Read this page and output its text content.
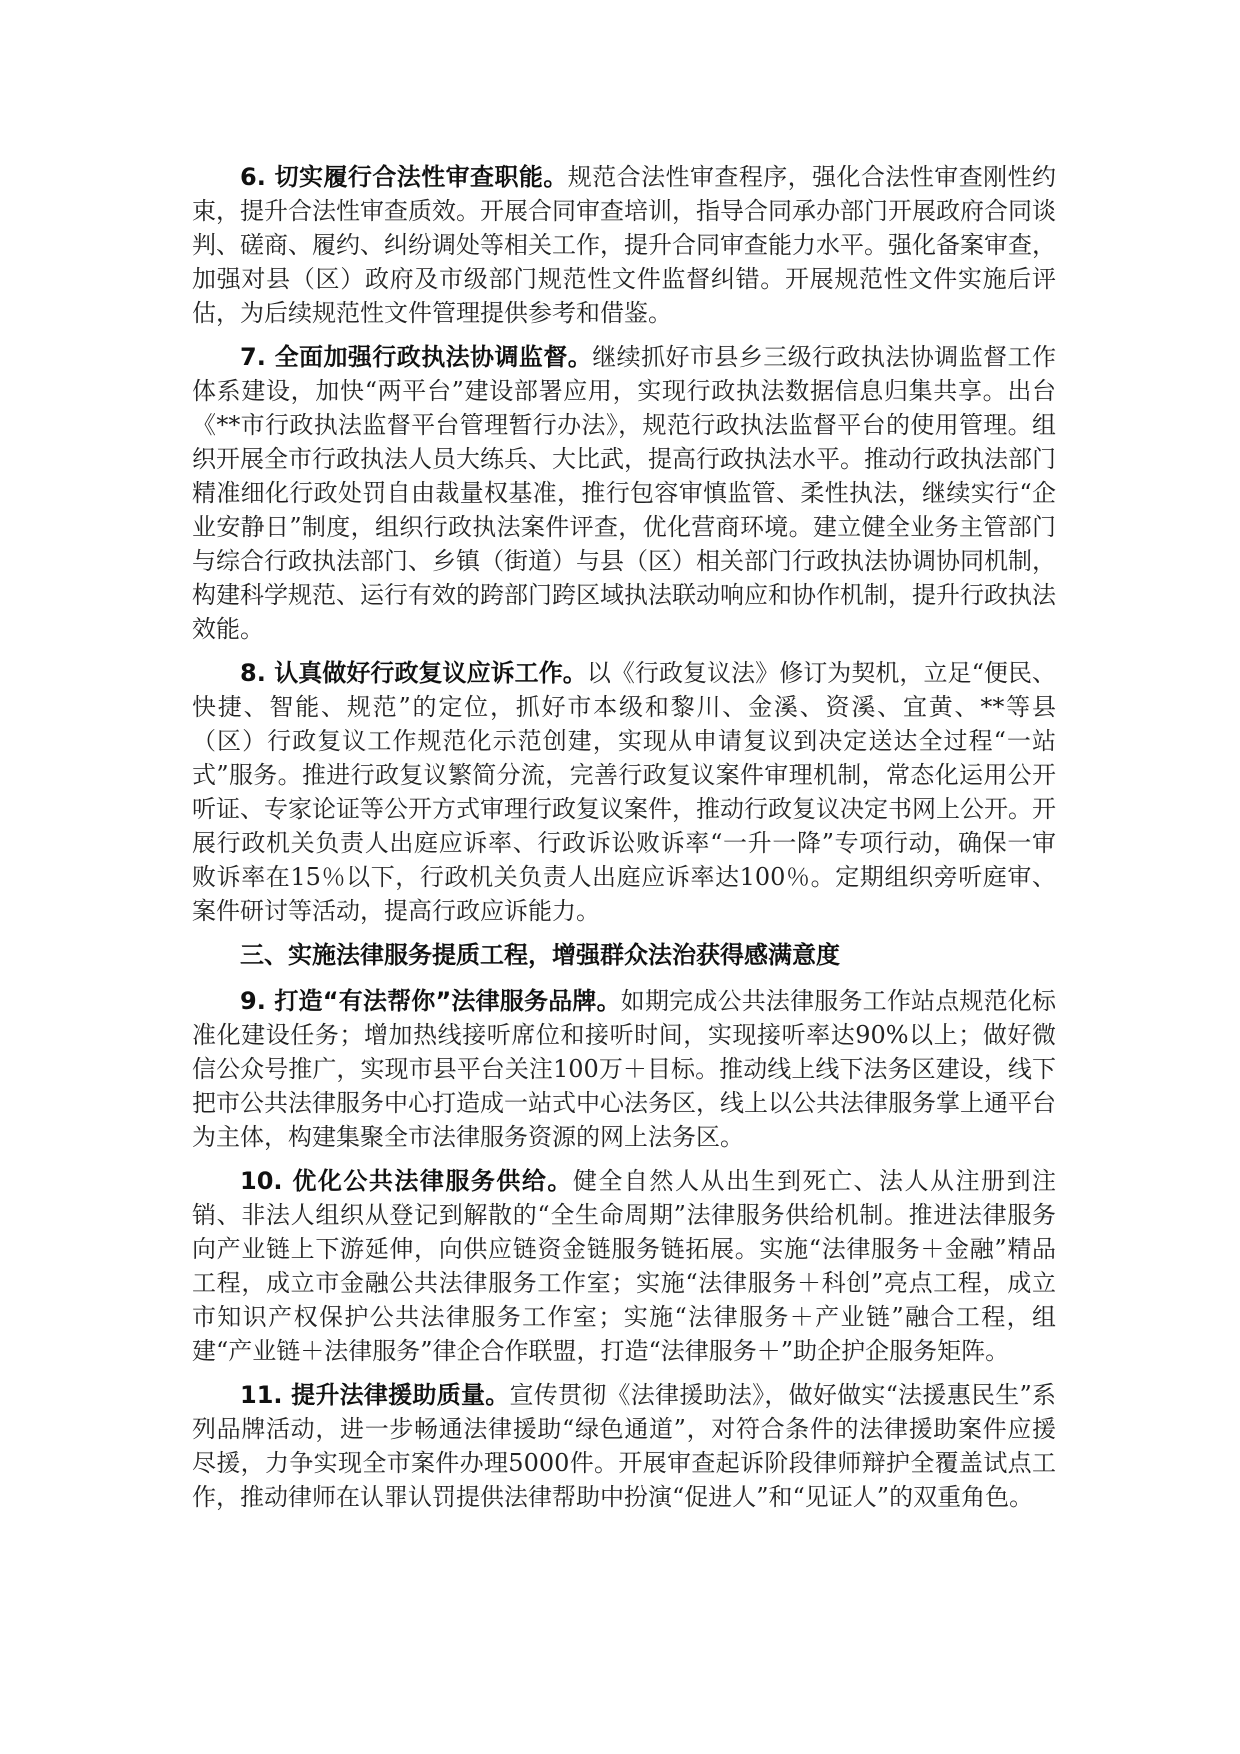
6. 切实履行合法性审查职能。规范合法性审查程序，强化合法性审查刚性约束，提升合法性审查质效。开展合同审查培训，指导合同承办部门开展政府合同谈判、磋商、履约、纠纷调处等相关工作，提升合同审查能力水平。强化备案审查，加强对县（区）政府及市级部门规范性文件监督纠错。开展规范性文件实施后评估，为后续规范性文件管理提供参考和借鉴。

7. 全面加强行政执法协调监督。继续抓好市县乡三级行政执法协调监督工作体系建设，加快“两平台”建设部署应用，实现行政执法数据信息归集共享。出台《**市行政执法监督平台管理暂行办法》，规范行政执法监督平台的使用管理。组织开展全市行政执法人员大练兵、大比武，提高行政执法水平。推动行政执法部门精准细化行政处罚自由裁量权基准，推行包容审慎监管、柔性执法，继续实行“企业安静日”制度，组织行政执法案件评查，优化营商环境。建立健全业务主管部门与综合行政执法部门、乡镇（街道）与县（区）相关部门行政执法协调协同机制，构建科学规范、运行有效的跨部门跨区域执法联动响应和协作机制，提升行政执法效能。

8. 认真做好行政复议应诉工作。以《行政复议法》修订为契机，立足“便民、快捷、智能、规范”的定位，抓好市本级和黎川、金溪、资溪、宜黄、**等县（区）行政复议工作规范化示范创建，实现从申请复议到决定送达全过程“一站式”服务。推进行政复议繁简分流，完善行政复议案件审理机制，常态化运用公开听证、专家论证等公开方式审理行政复议案件，推动行政复议决定书网上公开。开展行政机关负责人出庭应诉率、行政诉讼败诉率“一升一降”专项行动，确保一审败诉率在15％以下，行政机关负责人出庭应诉率达100％。定期组织旁听庭审、案件研讨等活动，提高行政应诉能力。

三、实施法律服务提质工程，增强群众法治获得感满意度

9. 打造“有法帮你”法律服务品牌。如期完成公共法律服务工作站点规范化标准化建设任务；增加热线接听席位和接听时间，实现接听率达90%以上；做好微信公众号推广，实现市县平台关注100万＋目标。推动线上线下法务区建设，线下把市公共法律服务中心打造成一站式中心法务区，线上以公共法律服务掌上通平台为主体，构建集聚全市法律服务资源的网上法务区。

10. 优化公共法律服务供给。健全自然人从出生到死亡、法人从注册到注销、非法人组织从登记到解散的“全生命周期”法律服务供给机制。推进法律服务向产业链上下游延伸，向供应链资金链服务链拓展。实施“法律服务＋金融”精品工程，成立市金融公共法律服务工作室；实施“法律服务＋科创”亮点工程，成立市知识产权保护公共法律服务工作室；实施“法律服务＋产业链”融合工程，组建“产业链＋法律服务”律企合作联盟，打造“法律服务＋”助企护企服务矩阵。

11. 提升法律援助质量。宣传贯彻《法律援助法》，做好做实“法援惠民生”系列品牌活动，进一步畅通法律援助“绿色通道”，对符合条件的法律援助案件应援尽援，力争实现全市案件办理5000件。开展审查起诉阶段律师辩护全覆盖试点工作，推动律师在认罪认罚提供法律帮助中扮演“促进人”和“见证人”的双重角色。
